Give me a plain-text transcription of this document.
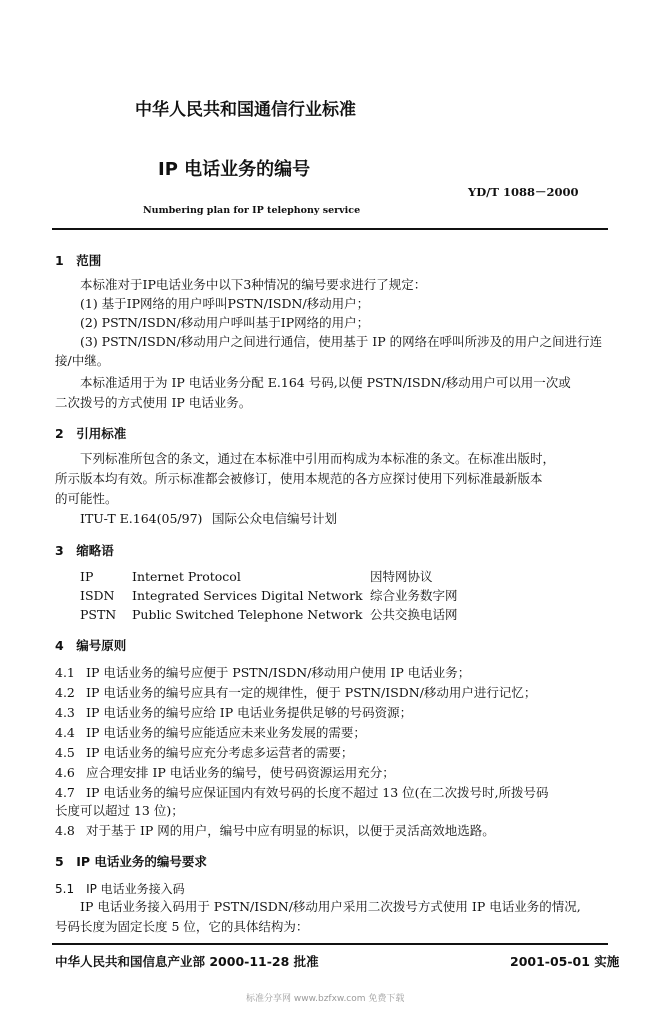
中华人民共和国通信行业标准
IP 电话业务的编号
YD/T 1088－2000
Numbering plan for IP telephony service
1　范围
本标准对于IP电话业务中以下3种情况的编号要求进行了规定：
(1) 基于IP网络的用户呼叫PSTN/ISDN/移动用户；
(2) PSTN/ISDN/移动用户呼叫基于IP网络的用户；
(3) PSTN/ISDN/移动用户之间进行通信，使用基于 IP 的网络在呼叫所涉及的用户之间进行连
接/中继。
本标准适用于为 IP 电话业务分配 E.164 号码,以便 PSTN/ISDN/移动用户可以用一次或
二次拨号的方式使用 IP 电话业务。
2　引用标准
下列标准所包含的条文，通过在本标准中引用而构成为本标准的条文。在标准出版时，
所示版本均有效。所示标准都会被修订，使用本规范的各方应探讨使用下列标准最新版本
的可能性。
ITU-T E.164(05/97) 国际公众电信编号计划
3　缩略语
IP	Internet Protocol	因特网协议
ISDN Integrated Services Digital Network 综合业务数字网
PSTN Public Switched Telephone Network 公共交换电话网
4　编号原则
4.1 IP 电话业务的编号应便于 PSTN/ISDN/移动用户使用 IP 电话业务；
4.2 IP 电话业务的编号应具有一定的规律性，便于 PSTN/ISDN/移动用户进行记忆；
4.3 IP 电话业务的编号应给 IP 电话业务提供足够的号码资源；
4.4 IP 电话业务的编号应能适应未来业务发展的需要；
4.5 IP 电话业务的编号应充分考虑多运营者的需要；
4.6 应合理安排 IP 电话业务的编号，使号码资源运用充分；
4.7 IP 电话业务的编号应保证国内有效号码的长度不超过 13 位(在二次拨号时,所拨号码
长度可以超过 13 位)；
4.8 对于基于 IP 网的用户，编号中应有明显的标识，以便于灵活高效地选路。
5　IP 电话业务的编号要求
5.1　IP 电话业务接入码
IP 电话业务接入码用于 PSTN/ISDN/移动用户采用二次拨号方式使用 IP 电话业务的情况,
号码长度为固定长度 5 位，它的具体结构为：
中华人民共和国信息产业部 2000-11-28 批准	2001-05-01 实施
标准分享网 www.bzfxw.com 免费下载
